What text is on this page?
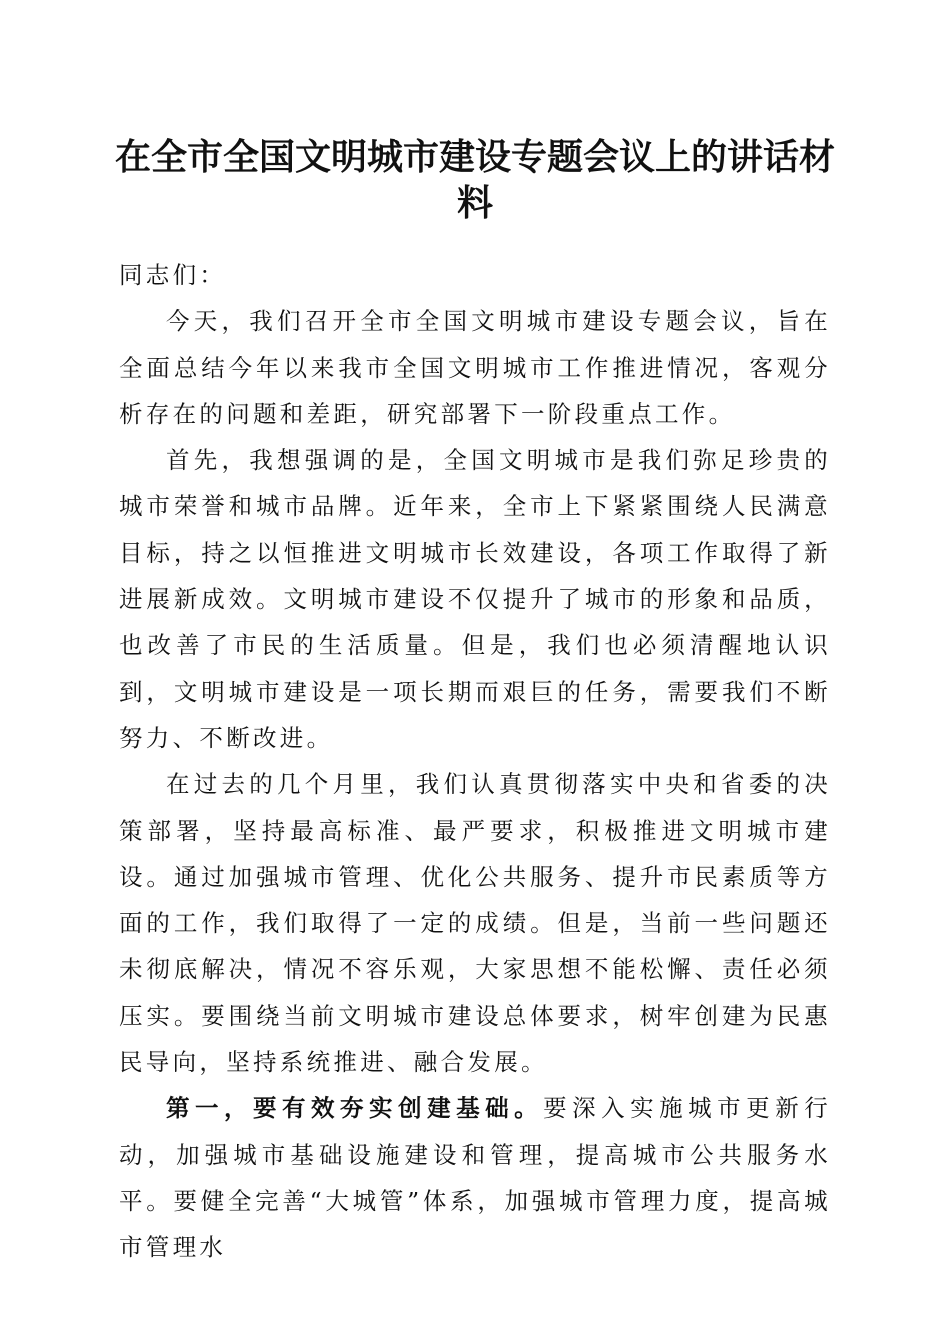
在全市全国文明城市建设专题会议上的讲话材料

同志们：

今天，我们召开全市全国文明城市建设专题会议，旨在全面总结今年以来我市全国文明城市工作推进情况，客观分析存在的问题和差距，研究部署下一阶段重点工作。

首先，我想强调的是，全国文明城市是我们弥足珍贵的城市荣誉和城市品牌。近年来，全市上下紧紧围绕人民满意目标，持之以恒推进文明城市长效建设，各项工作取得了新进展新成效。文明城市建设不仅提升了城市的形象和品质，也改善了市民的生活质量。但是，我们也必须清醒地认识到，文明城市建设是一项长期而艰巨的任务，需要我们不断努力、不断改进。

在过去的几个月里，我们认真贯彻落实中央和省委的决策部署，坚持最高标准、最严要求，积极推进文明城市建设。通过加强城市管理、优化公共服务、提升市民素质等方面的工作，我们取得了一定的成绩。但是，当前一些问题还未彻底解决，情况不容乐观，大家思想不能松懈、责任必须压实。要围绕当前文明城市建设总体要求，树牢创建为民惠民导向，坚持系统推进、融合发展。

第一，要有效夯实创建基础。要深入实施城市更新行动，加强城市基础设施建设和管理，提高城市公共服务水平。要健全完善“大城管”体系，加强城市管理力度，提高城市管理水
